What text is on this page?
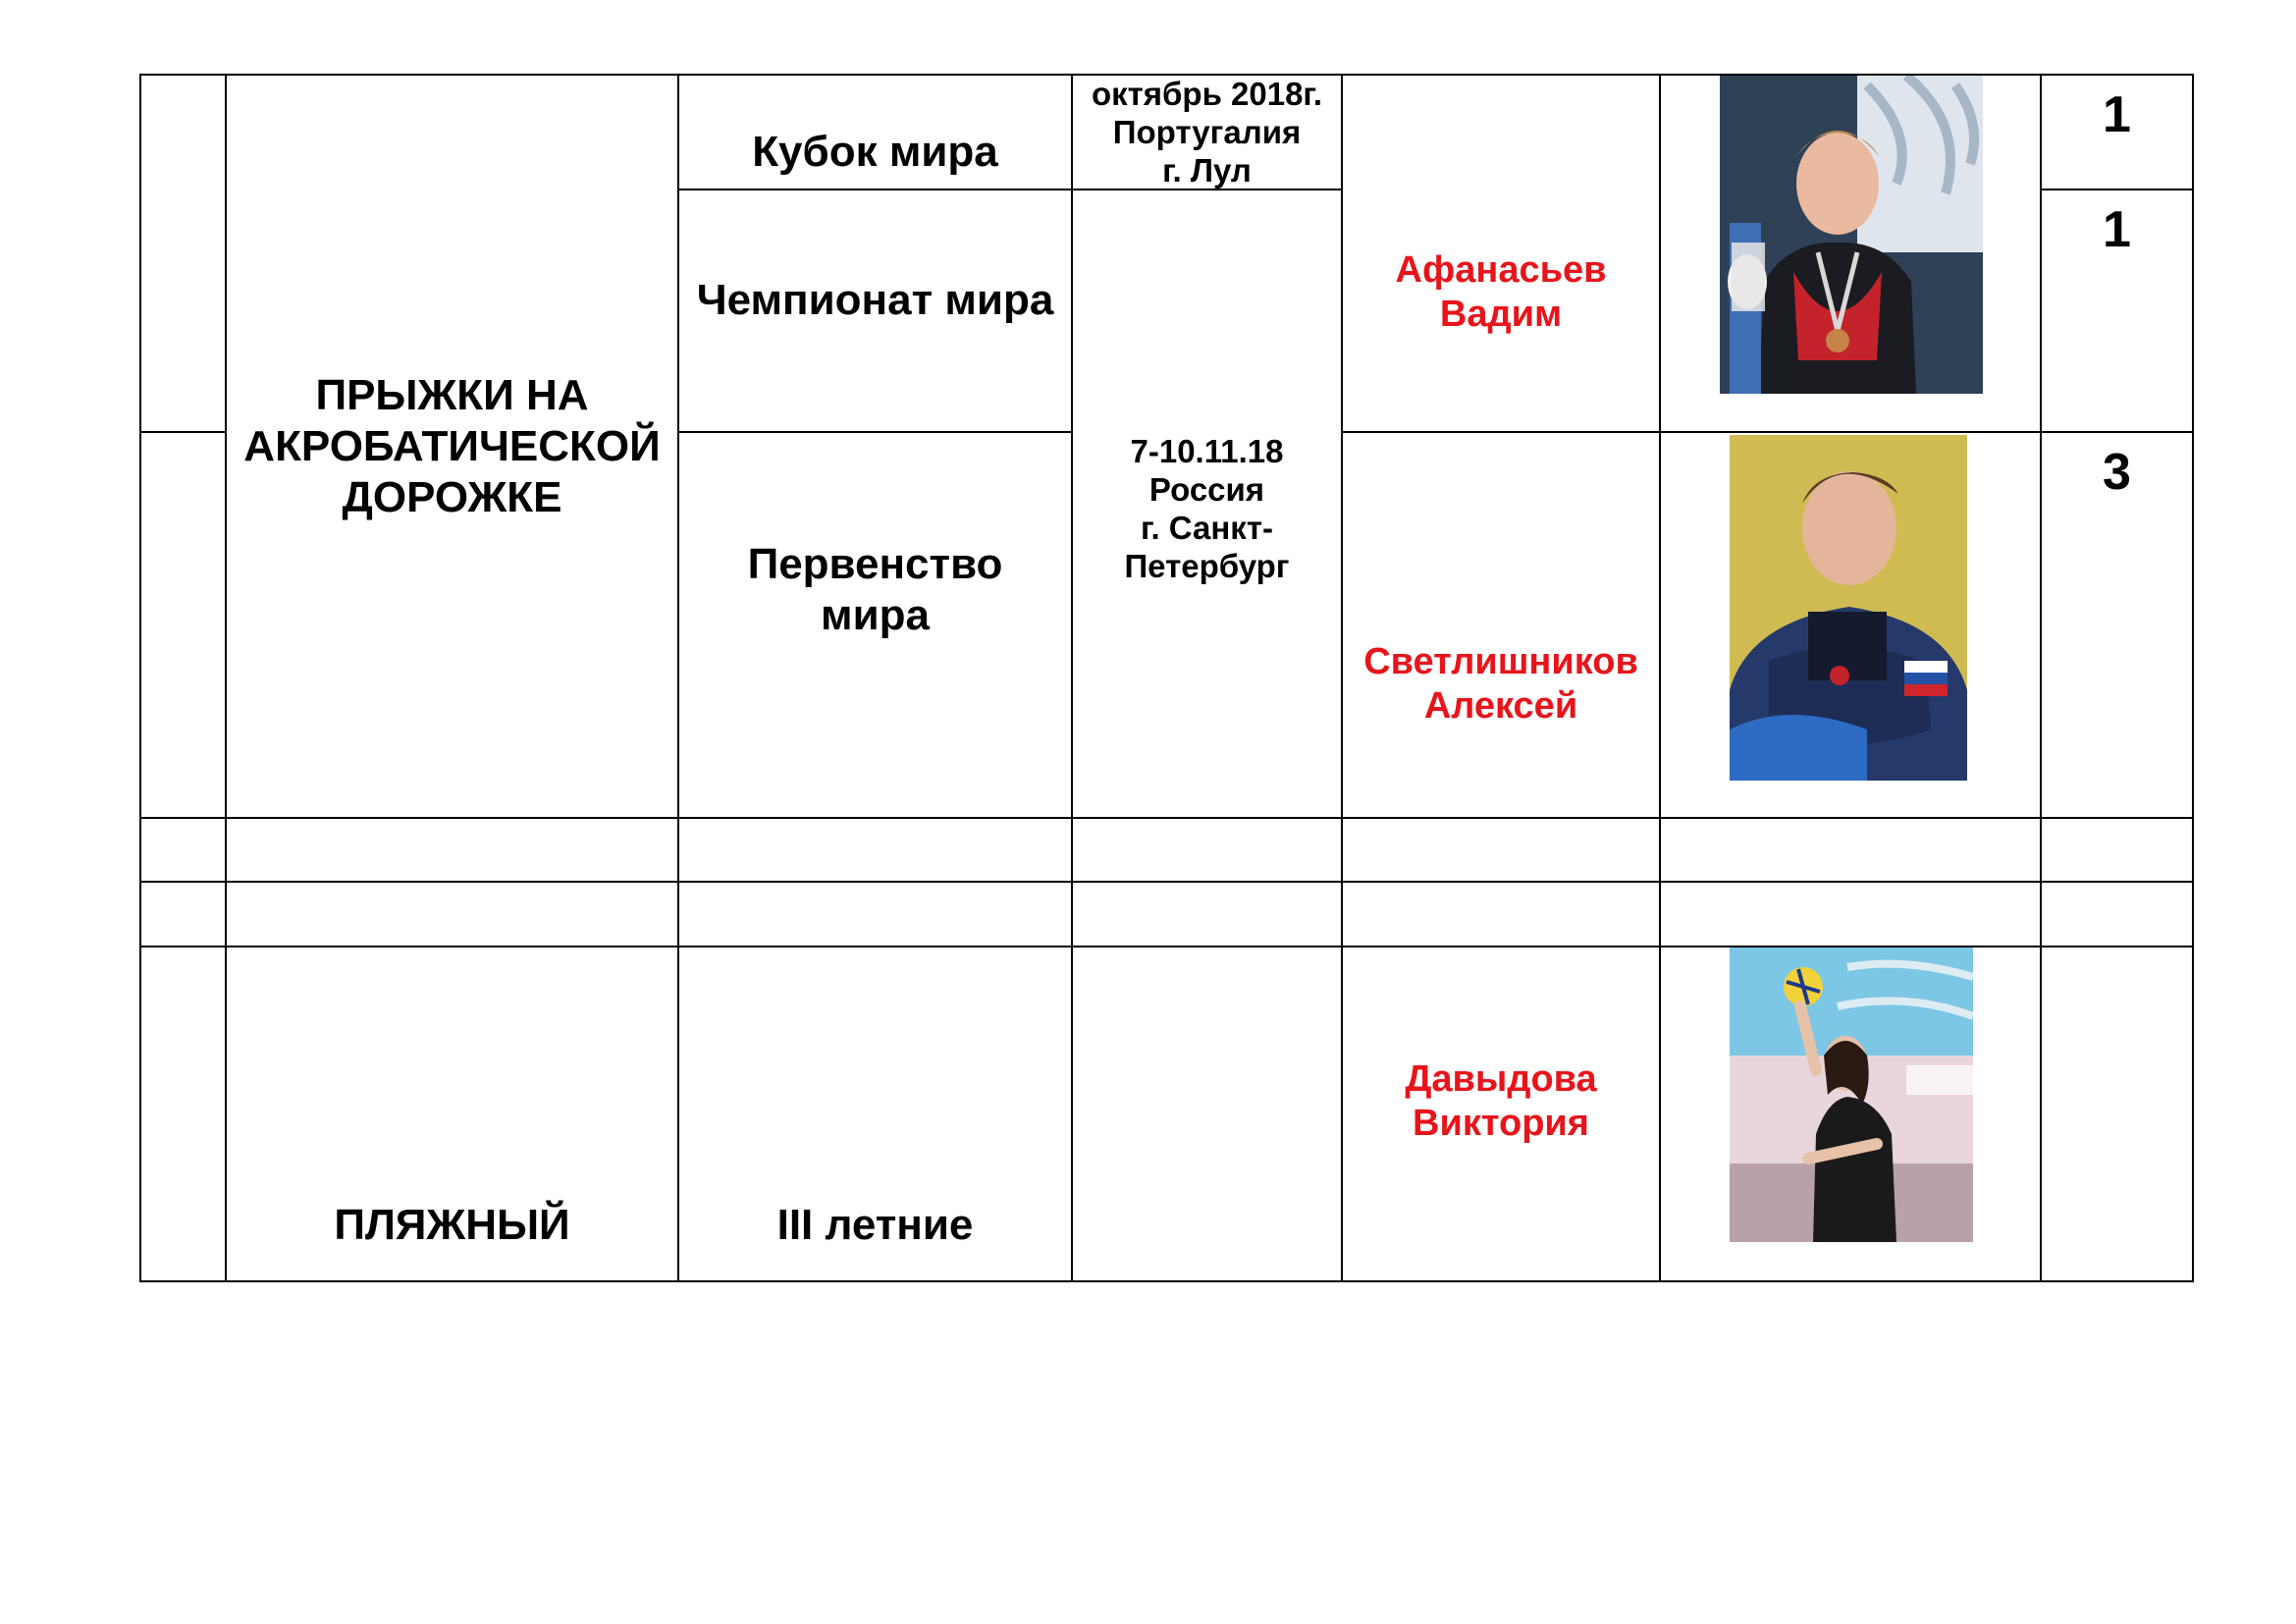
ПРЫЖКИ НА АКРОБАТИЧЕСКОЙ ДОРОЖКЕ
Кубок мира
Чемпионат мира
Первенство мира
октябрь 2018г.
Португалия
г. Лул
7-10.11.18
Россия
г. Санкт-
Петербург
Афанасьев
Вадим
Светлишников
Алексей
1
1
3
ПЛЯЖНЫЙ	III летние
Давыдова
Виктория
